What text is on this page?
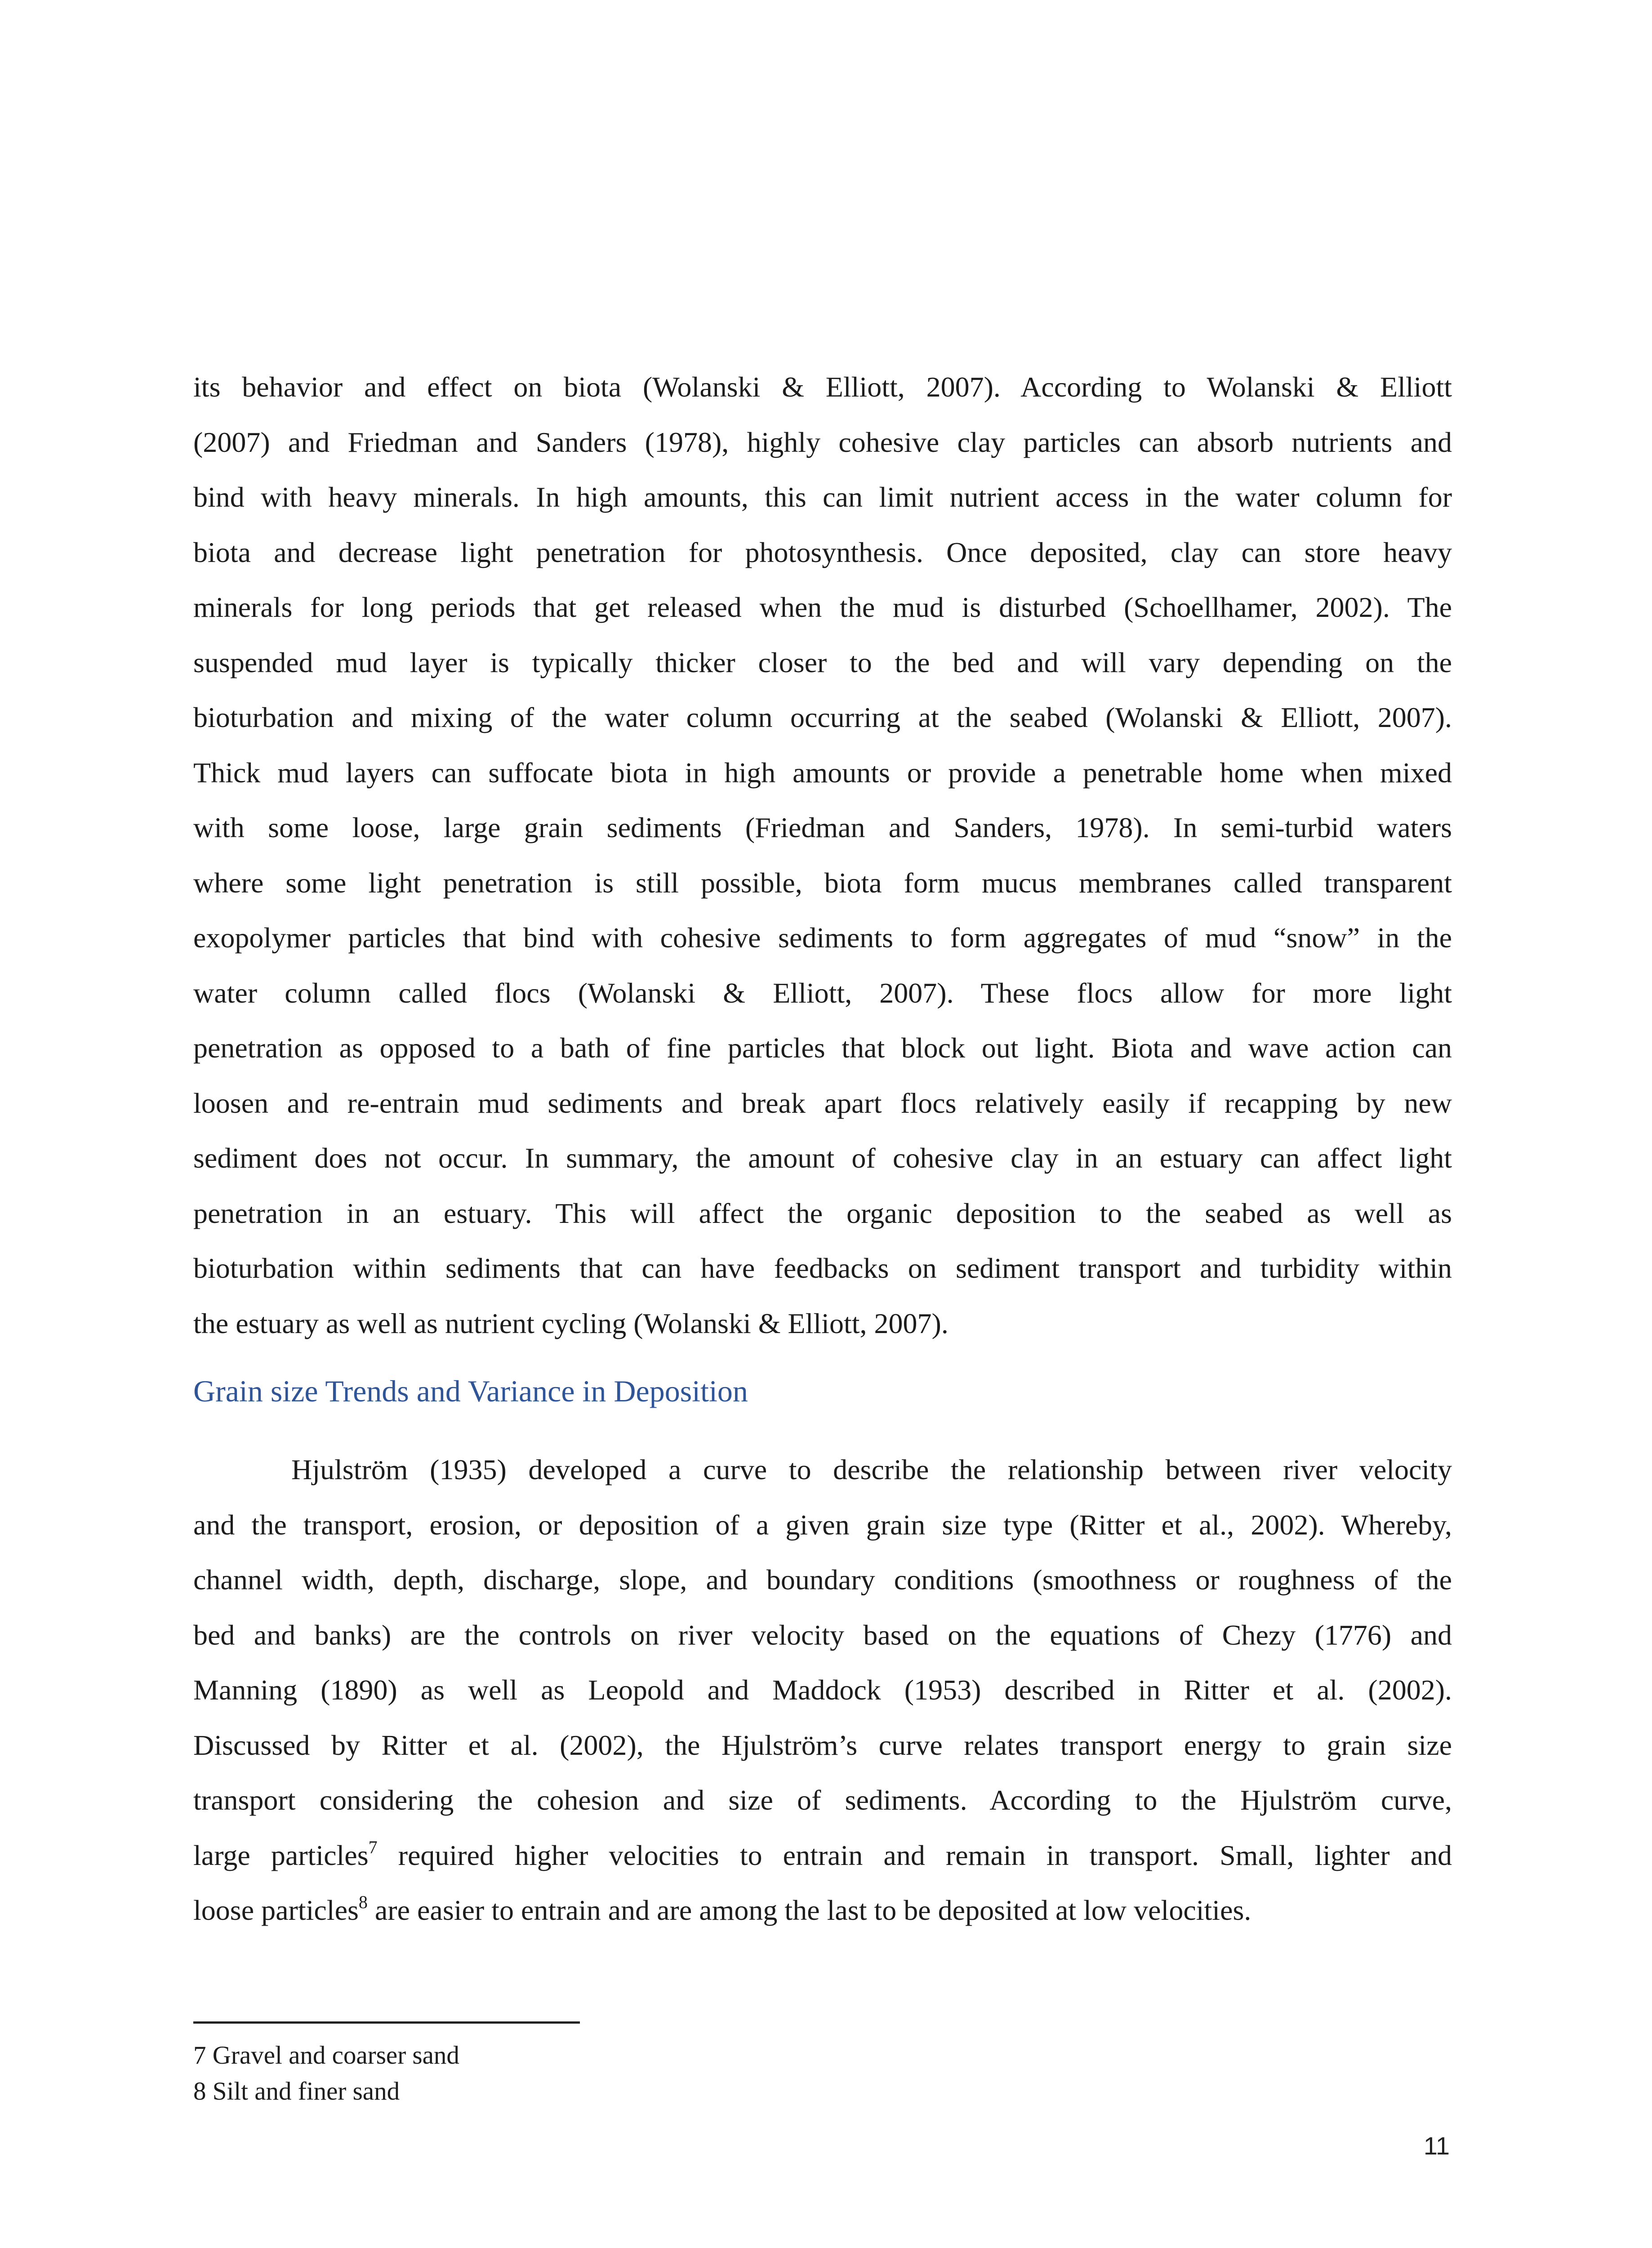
its behavior and effect on biota (Wolanski & Elliott, 2007). According to Wolanski & Elliott
(2007) and Friedman and Sanders (1978), highly cohesive clay particles can absorb nutrients and
bind with heavy minerals. In high amounts, this can limit nutrient access in the water column for
biota and decrease light penetration for photosynthesis. Once deposited, clay can store heavy
minerals for long periods that get released when the mud is disturbed (Schoellhamer, 2002). The
suspended mud layer is typically thicker closer to the bed and will vary depending on the
bioturbation and mixing of the water column occurring at the seabed (Wolanski & Elliott, 2007).
Thick mud layers can suffocate biota in high amounts or provide a penetrable home when mixed
with some loose, large grain sediments (Friedman and Sanders, 1978). In semi-turbid waters
where some light penetration is still possible, biota form mucus membranes called transparent
exopolymer particles that bind with cohesive sediments to form aggregates of mud “snow” in the
water column called flocs (Wolanski & Elliott, 2007). These flocs allow for more light
penetration as opposed to a bath of fine particles that block out light. Biota and wave action can
loosen and re-entrain mud sediments and break apart flocs relatively easily if recapping by new
sediment does not occur. In summary, the amount of cohesive clay in an estuary can affect light
penetration in an estuary. This will affect the organic deposition to the seabed as well as
bioturbation within sediments that can have feedbacks on sediment transport and turbidity within
the estuary as well as nutrient cycling (Wolanski & Elliott, 2007).
Grain size Trends and Variance in Deposition
Hjulström (1935) developed a curve to describe the relationship between river velocity
and the transport, erosion, or deposition of a given grain size type (Ritter et al., 2002). Whereby,
channel width, depth, discharge, slope, and boundary conditions (smoothness or roughness of the
bed and banks) are the controls on river velocity based on the equations of Chezy (1776) and
Manning (1890) as well as Leopold and Maddock (1953) described in Ritter et al. (2002).
Discussed by Ritter et al. (2002), the Hjulström’s curve relates transport energy to grain size
transport considering the cohesion and size of sediments. According to the Hjulström curve,
large particles$^7$ required higher velocities to entrain and remain in transport. Small, lighter and
loose particles$^8$ are easier to entrain and are among the last to be deposited at low velocities.
7 Gravel and coarser sand
8 Silt and finer sand
11
